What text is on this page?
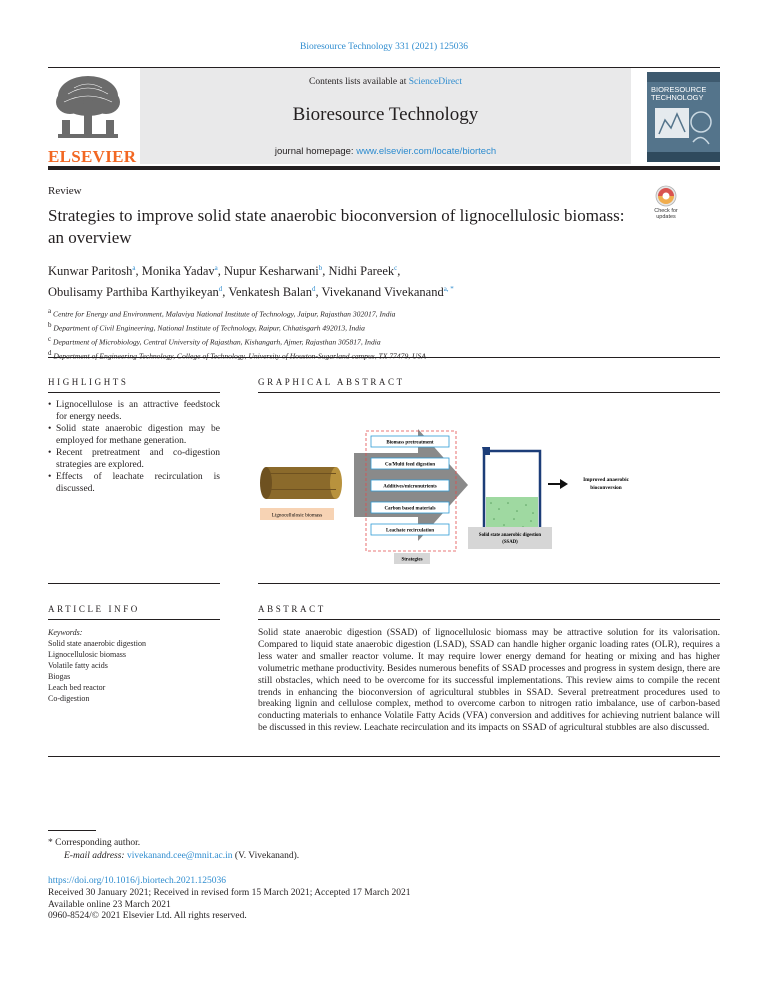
Bioresource Technology 331 (2021) 125036
ELSEVIER
Contents lists available at ScienceDirect
Bioresource Technology
journal homepage: www.elsevier.com/locate/biortech
BIORESOURCE TECHNOLOGY
Review
Strategies to improve solid state anaerobic bioconversion of lignocellulosic biomass: an overview
Check for updates
Kunwar Paritosh$^a$, Monika Yadav$^a$, Nupur Kesharwani$^b$, Nidhi Pareek$^c$,
Obulisamy Parthiba Karthyikeyan$^d$, Venkatesh Balan$^d$, Vivekanand Vivekanand$^{a, *}$
$^a$ Centre for Energy and Environment, Malaviya National Institute of Technology, Jaipur, Rajasthan 302017, India
$^b$ Department of Civil Engineering, National Institute of Technology, Raipur, Chhatisgarh 492013, India
$^c$ Department of Microbiology, Central University of Rajasthan, Kishangarh, Ajmer, Rajasthan 305817, India
$^d$
HIGHLIGHTS
• Lignocellulose is an attractive feedstock for energy needs.
• Solid state anaerobic digestion may be employed for methane generation.
• Recent pretreatment and co-digestion strategies are explored.
• Effects of leachate recirculation is discussed.
GRAPHICAL ABSTRACT
Lignocellulosic biomass
Biomass pretreatment
Co/Multi feed digestion
Additives/micronutrients
Carbon based materials
Leachate recirculation
Strategies
Solid state anaerobic digestion
(SSAD)
Improved anaerobic
bioconversion
ARTICLE INFO
Keywords:
Solid state anaerobic digestion
Lignocellulosic biomass
Volatile fatty acids
Biogas
Leach bed reactor
Co-digestion
ABSTRACT
Solid state anaerobic digestion (SSAD) of lignocellulosic biomass may be attractive solution for its valorisation. Compared to liquid state anaerobic digestion (LSAD), SSAD can handle higher organic loading rates (OLR), requires a less water and smaller reactor volume. It may require lower energy demand for heating or mixing and has higher volumetric methane productivity. Besides numerous benefits of SSAD processes and progress in system design, there are still obstacles, which need to be overcome for its successful implementations. This review aims to compile the recent trends in enhancing the bioconversion of agricultural stubbles in SSAD. Several pretreatment procedures used to breaking lignin and cellulose complex, method to overcome carbon to nitrogen ratio imbalance, use of carbon-based conducting materials to enhance Volatile Fatty Acids (VFA) conversion and additives for achieving nutrient balance will be discussed in this review. Leachate recirculation and its impacts on SSAD of agricultural stubbles are also discussed.
* Corresponding author.
E-mail address: vivekanand.cee@mnit.ac.in (V. Vivekanand).
https://doi.org/10.1016/j.biortech.2021.125036
Received 30 January 2021; Received in revised form 15 March 2021; Accepted 17 March 2021
Available online 23 March 2021
0960-8524/© 2021 Elsevier Ltd. All rights reserved.
